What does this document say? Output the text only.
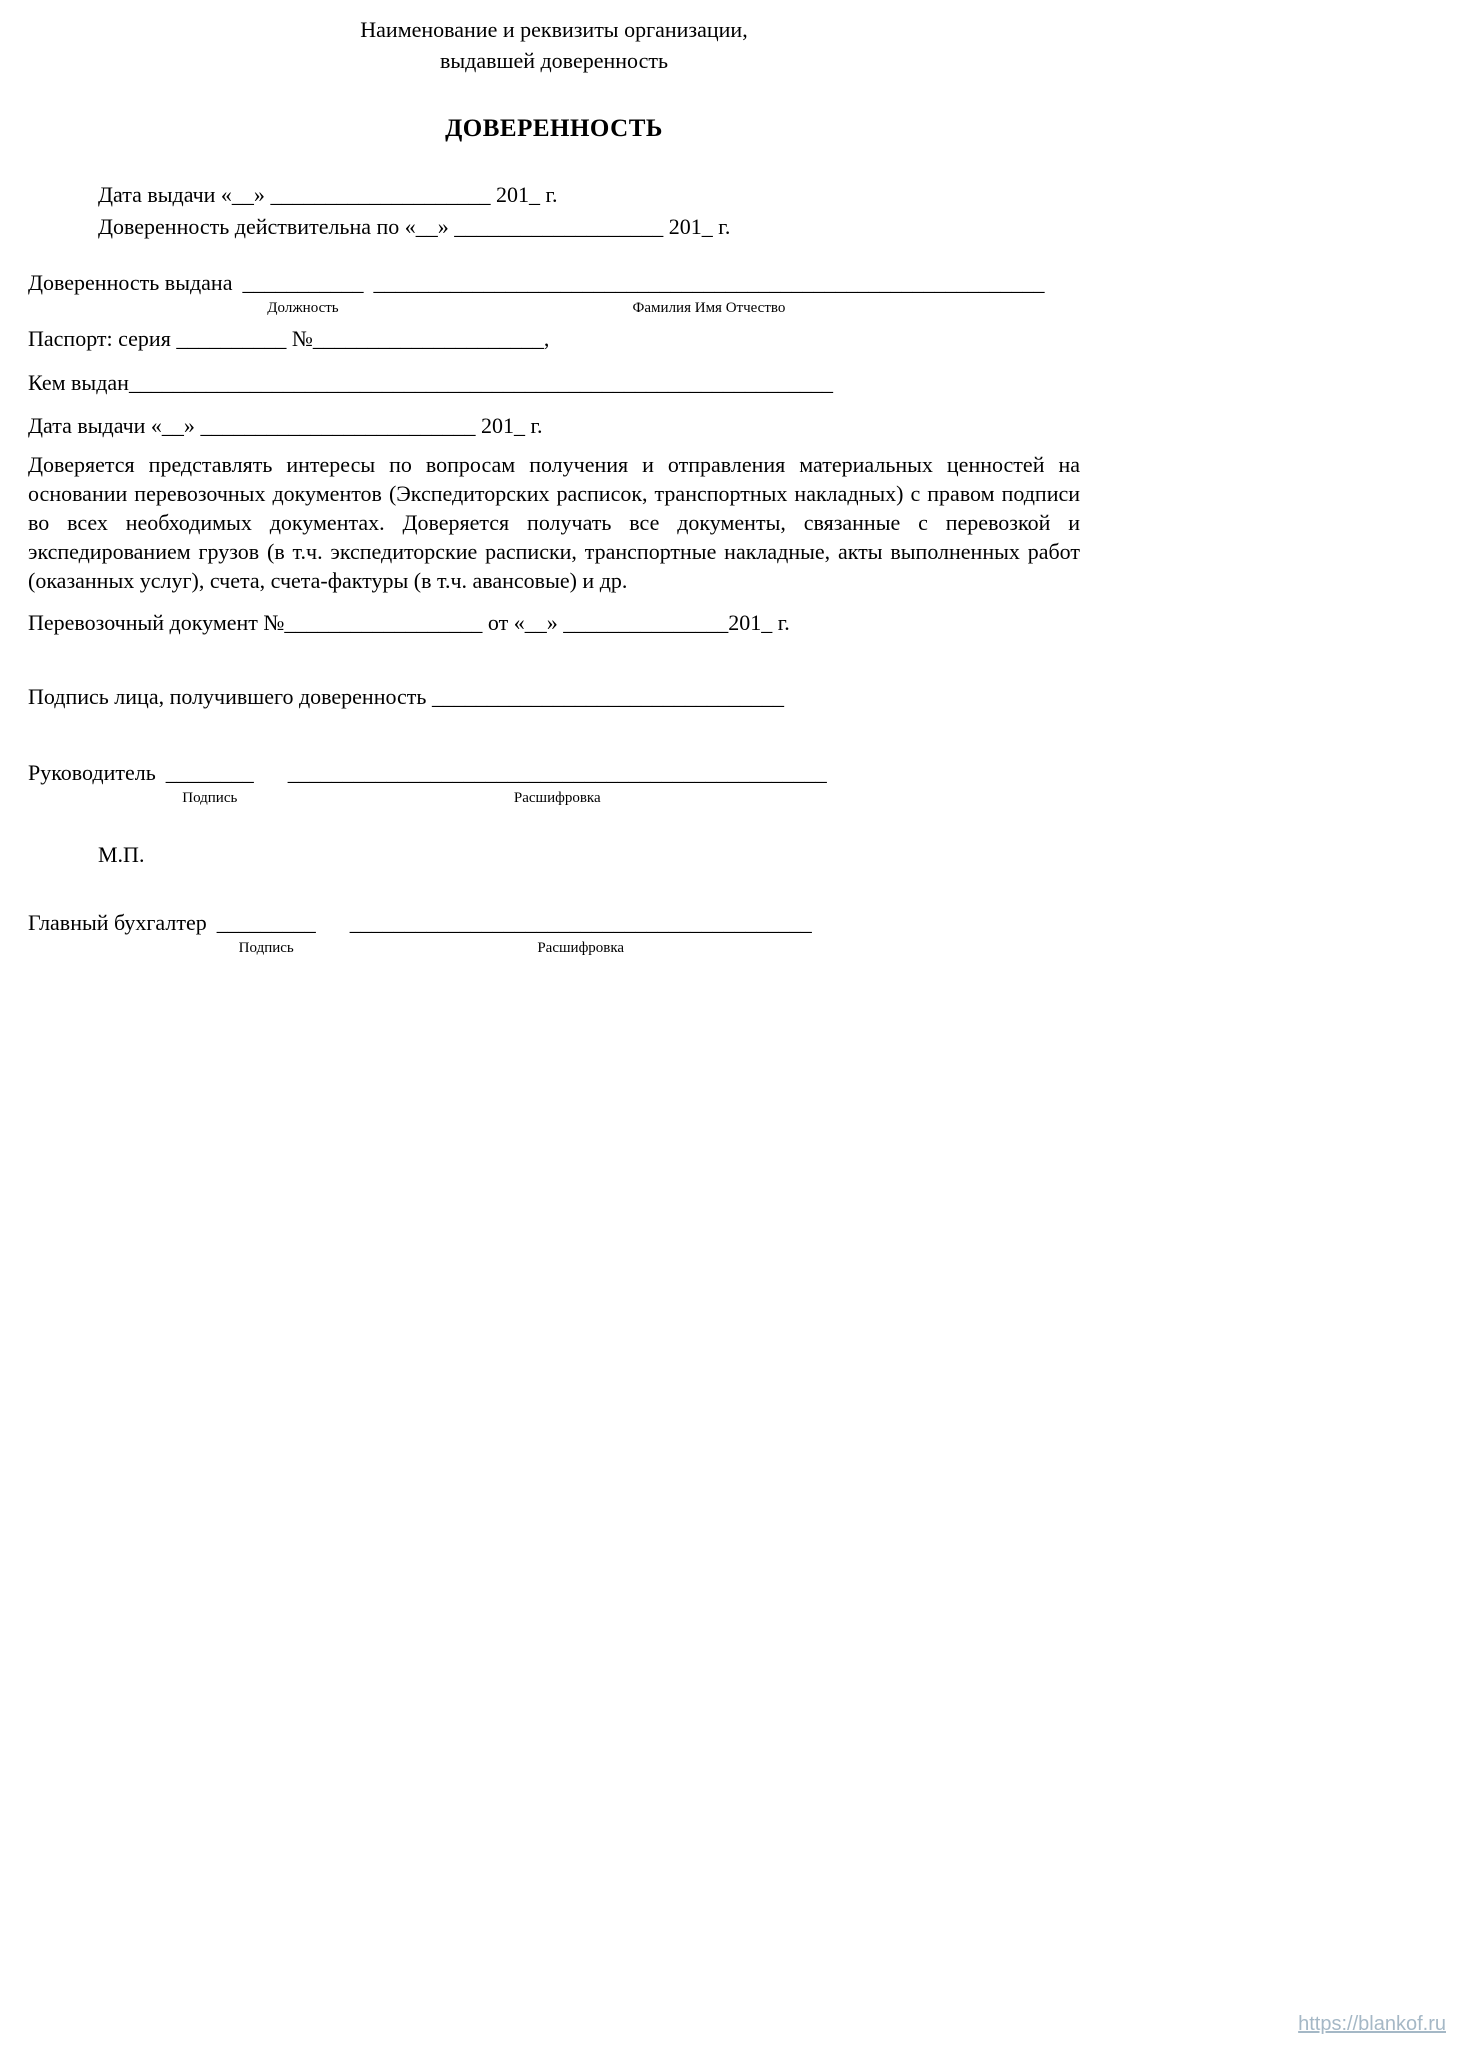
Наименование и реквизиты организации,
выдавшей доверенность
ДОВЕРЕННОСТЬ
Дата выдачи «__» ____________________ 201_ г.
Доверенность действительна по «__» ___________________ 201_ г.
Доверенность выдана ___________
Должность
_____________________________________________________________
Фамилия Имя Отчество
Паспорт: серия __________ №_____________________,
Кем выдан________________________________________________________________
Дата выдачи «__» _________________________ 201_ г.
Доверяется представлять интересы по вопросам получения и отправления материальных ценностей на основании перевозочных документов (Экспедиторских расписок, транспортных накладных) с правом подписи во всех необходимых документах. Доверяется получать все документы, связанные с перевозкой и экспедированием грузов (в т.ч. экспедиторские расписки, транспортные накладные, акты выполненных работ (оказанных услуг), счета, счета-фактуры (в т.ч. авансовые) и др.
Перевозочный документ №__________________ от «__» _______________201_ г.
Подпись лица, получившего доверенность ________________________________
Руководитель ________
Подпись
_________________________________________________
Расшифровка
М.П.
Главный бухгалтер _________
Подпись
__________________________________________
Расшифровка
https://blankof.ru
